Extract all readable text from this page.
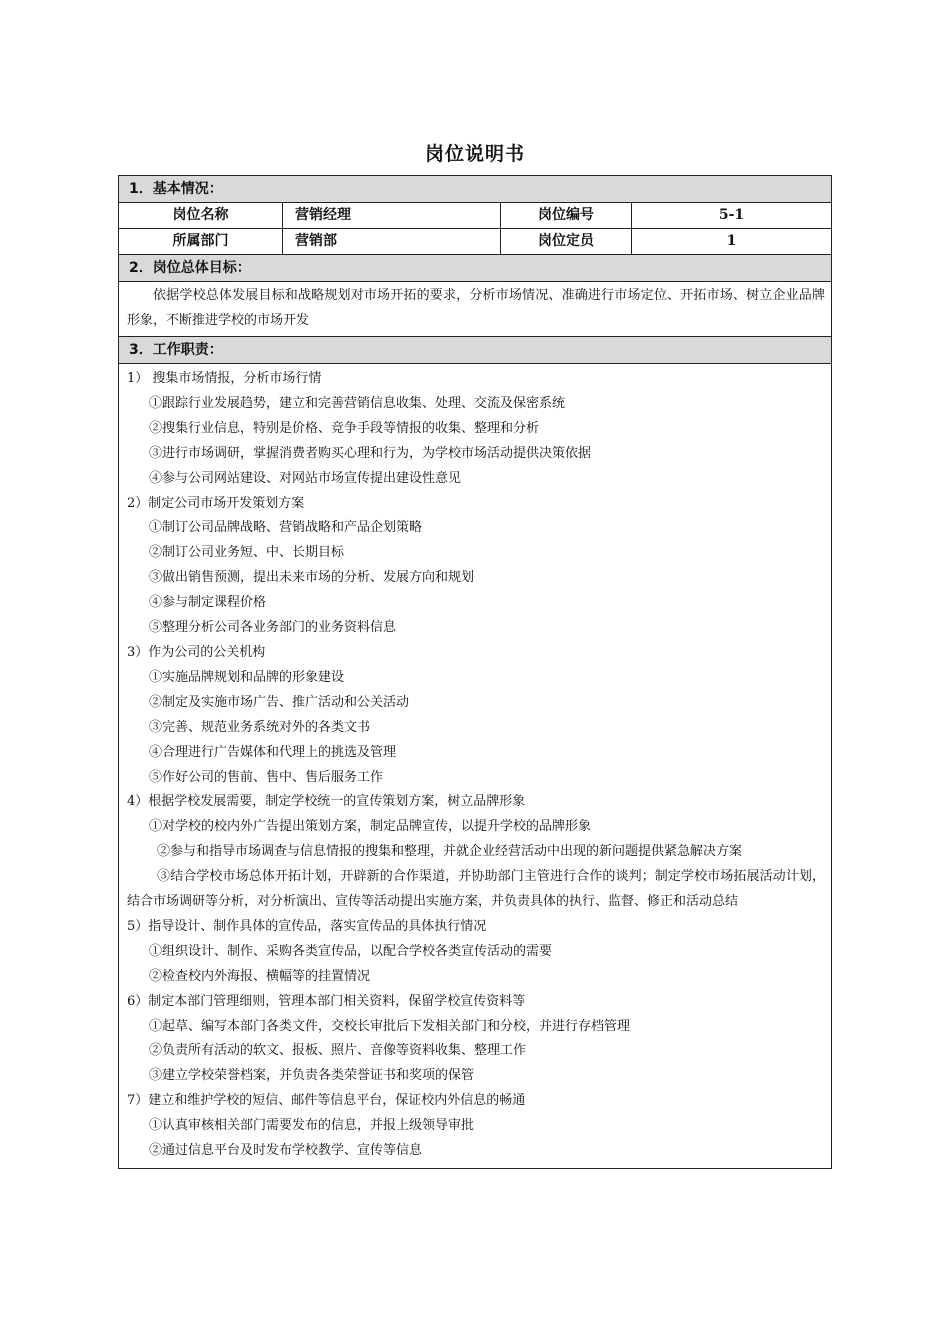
岗位说明书
1．基本情况：
岗位名称	营销经理	岗位编号	5-1
所属部门	营销部	岗位定员	1
2．岗位总体目标：
依据学校总体发展目标和战略规划对市场开拓的要求，分析市场情况、准确进行市场定位、开拓市场、树立企业品牌形象，不断推进学校的市场开发
3．工作职责：
1） 搜集市场情报，分析市场行情
①跟踪行业发展趋势，建立和完善营销信息收集、处理、交流及保密系统
②搜集行业信息，特别是价格、竞争手段等情报的收集、整理和分析
③进行市场调研，掌握消费者购买心理和行为，为学校市场活动提供决策依据
④参与公司网站建设、对网站市场宣传提出建设性意见
2）制定公司市场开发策划方案
①制订公司品牌战略、营销战略和产品企划策略
②制订公司业务短、中、长期目标
③做出销售预测，提出未来市场的分析、发展方向和规划
④参与制定课程价格
⑤整理分析公司各业务部门的业务资料信息
3）作为公司的公关机构
①实施品牌规划和品牌的形象建设
②制定及实施市场广告、推广活动和公关活动
③完善、规范业务系统对外的各类文书
④合理进行广告媒体和代理上的挑选及管理
⑤作好公司的售前、售中、售后服务工作
4）根据学校发展需要，制定学校统一的宣传策划方案，树立品牌形象
①对学校的校内外广告提出策划方案，制定品牌宣传，以提升学校的品牌形象
②参与和指导市场调查与信息情报的搜集和整理，并就企业经营活动中出现的新问题提供紧急解决方案
③结合学校市场总体开拓计划，开辟新的合作渠道，并协助部门主管进行合作的谈判；制定学校市场拓展活动计划，结合市场调研等分析，对分析演出、宣传等活动提出实施方案，并负责具体的执行、监督、修正和活动总结
5）指导设计、制作具体的宣传品，落实宣传品的具体执行情况
①组织设计、制作、采购各类宣传品，以配合学校各类宣传活动的需要
②检查校内外海报、横幅等的挂置情况
6）制定本部门管理细则，管理本部门相关资料，保留学校宣传资料等
①起草、编写本部门各类文件，交校长审批后下发相关部门和分校，并进行存档管理
②负责所有活动的软文、报板、照片、音像等资料收集、整理工作
③建立学校荣誉档案，并负责各类荣誉证书和奖项的保管
7）建立和维护学校的短信、邮件等信息平台，保证校内外信息的畅通
①认真审核相关部门需要发布的信息，并报上级领导审批
②通过信息平台及时发布学校教学、宣传等信息
